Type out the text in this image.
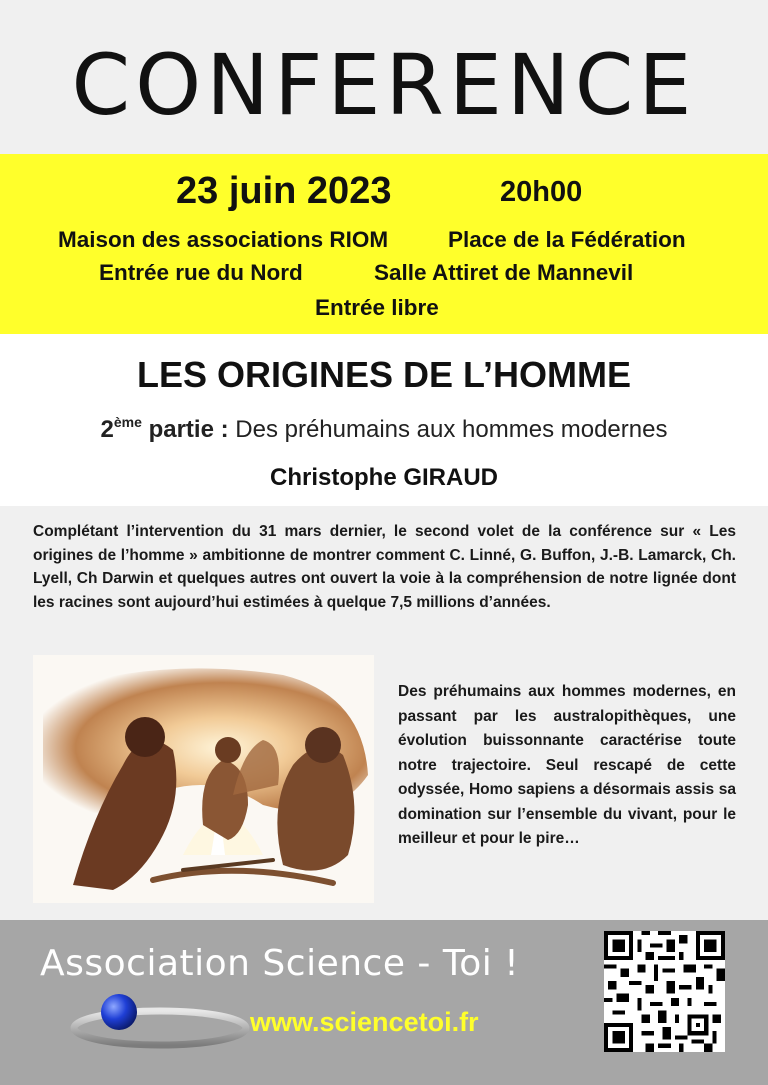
CONFERENCE
23 juin 2023	20h00
Maison des associations RIOM	Place de la Fédération
Entrée rue du Nord	Salle Attiret de Mannevil
Entrée libre
LES ORIGINES DE L’HOMME
2ème partie : Des préhumains aux hommes modernes
Christophe GIRAUD
Complétant l’intervention du 31 mars dernier, le second volet de la conférence sur « Les origines de l’homme » ambitionne de montrer comment C. Linné, G. Buffon, J.-B. Lamarck, Ch. Lyell, Ch Darwin et quelques autres ont ouvert la voie à la compréhension de notre lignée dont les racines sont aujourd’hui estimées à quelque 7,5 millions d’années.
Des préhumains aux hommes modernes, en passant par les australopithèques, une évolution buissonnante caractérise toute notre trajectoire. Seul rescapé de cette odyssée, Homo sapiens a désormais assis sa domination sur l’ensemble du vivant, pour le meilleur et pour le pire…
Association Science - Toi !
www.sciencetoi.fr
